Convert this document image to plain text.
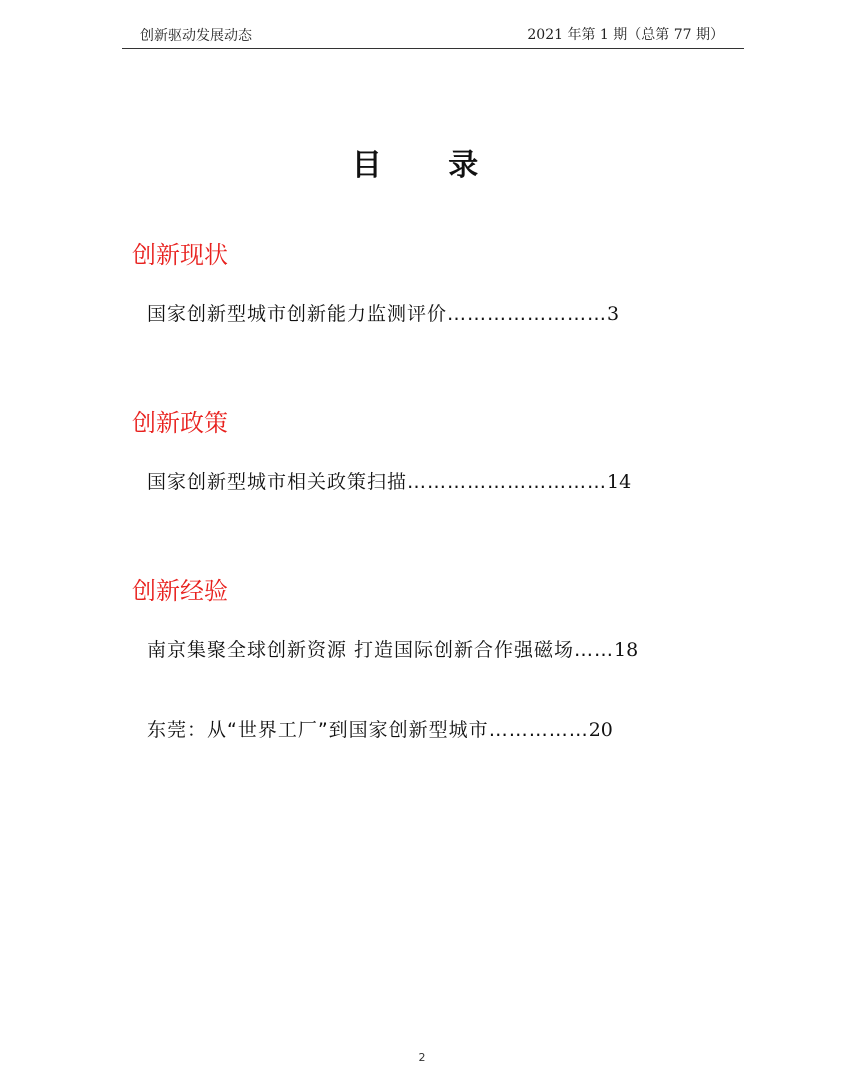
创新驱动发展动态	2021 年第 1 期（总第 77 期）
目 录
创新现状
国家创新型城市创新能力监测评价……………………3
创新政策
国家创新型城市相关政策扫描…………………………14
创新经验
南京集聚全球创新资源 打造国际创新合作强磁场……18
东莞：从“世界工厂”到国家创新型城市……………20
2
